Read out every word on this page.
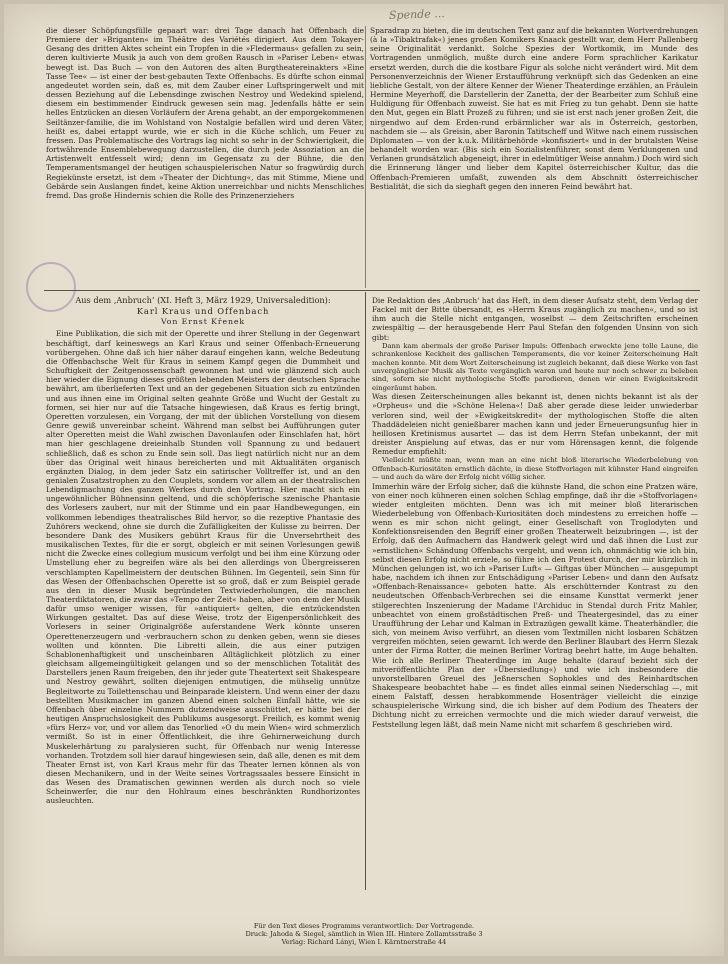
Spende ...

die dieser Schöpfungsfülle gepaart war: drei Tage danach hat Offenbach die Premiere der »Briganten« im Théâtre des Variétés dirigiert. Aus dem Tokayer-Gesang des dritten Aktes scheint ein Tropfen in die »Fledermaus« gefallen zu sein, deren kultivierte Musik ja auch von dem großen Rausch in »Pariser Leben« etwas bewegt ist. Das Buch — von den Autoren des alten Burgtheatereinakters »Eine Tasse Tee« — ist einer der best-gebauten Texte Offenbachs. Es dürfte schon einmal angedeutet worden sein, daß es, mit dem Zauber einer Luftspringerwelt und mit dessen Beziehung auf die Lebensdinge zwischen Nestroy und Wedekind spielend, diesem ein bestimmender Eindruck gewesen sein mag. Jedenfalls hätte er sein helles Entzücken an diesen Vorläufern der Arena gehabt, an der emporgekommenen Seiltänzer-familie, die im Wohlstand von Nostalgie befallen wird und deren Väter, heißt es, dabei ertappt wurde, wie er sich in die Küche schlich, um Feuer zu fressen. Das Problematische des Vortrags lag nicht so sehr in der Schwierigkeit, die fortwährende Ensemblebewegung darzustellen, die durch jede Assoziation an die Artistenwelt entfesselt wird; denn im Gegensatz zu der Bühne, die den Temperamentsmangel der heutigen schauspielerischen Natur so fragwürdig durch Regiekünste ersetzt, ist dem »Theater der Dichtung«, das mit Stimme, Miene und Gebärde sein Auslangen findet, keine Aktion unerreichbar und nichts Menschliches fremd. Das große Hindernis schien die Rolle des Prinzenerziehers

Sparadrap zu bieten, die im deutschen Text ganz auf die bekannten Wortverdrehungen (à la »Tibaktrafak«) jenes großen Komikers Knaack gestellt war, dem Herr Pallenberg seine Originalität verdankt. Solche Spezies der Wortkomik, im Munde des Vortragenden unmöglich, mußte durch eine andere Form sprachlicher Karikatur ersetzt werden, durch die die kostbare Figur als solche nicht verändert wird. Mit dem Personenverzeichnis der Wiener Erstaufführung verknüpft sich das Gedenken an eine liebliche Gestalt, von der ältere Kenner der Wiener Theaterdinge erzählen, an Fräulein Hermine Meyerhoff, die Darstellerin der Zanetta, der der Bearbeiter zum Schluß eine Huldigung für Offenbach zuweist. Sie hat es mit Frieg zu tun gehabt. Denn sie hatte den Mut, gegen ein Blatt Prozeß zu führen; und sie ist erst nach jener großen Zeit, die nirgendwo auf dem Erden-rund erbärmlicher war als in Österreich, gestorben, nachdem sie — als Greisin, aber Baronin Tatitscheff und Witwe nach einem russischen Diplomaten — von der k.u.k. Militärbehörde »konfisziert« und in der brutalsten Weise behandelt worden war. (Bis sich ein Sozialistenführer, sonst dem Verklungenen und Verlanen grundsätzlich abgeneigt, ihrer in edelmütiger Weise annahm.) Doch wird sich die Erinnerung länger und lieber dem Kapitel österreichischer Kultur, das die Offenbach-Premieren umfaßt, zuwenden als dem Abschnitt österreichischer Bestialität, die sich da sieghaft gegen den inneren Feind bewährt hat.

Aus dem ‚Anbruch‘ (XI. Heft 3, März 1929, Universaledition):
Karl Kraus und Offenbach
Von Ernst Křenek

Eine Publikation, die sich mit der Operette und ihrer Stellung in der Gegenwart beschäftigt, darf keineswegs an Karl Kraus und seiner Offenbach-Erneuerung vorübergehen. Ohne daß ich hier näher darauf eingehen kann, welche Bedeutung die Offenbachsche Welt für Kraus in seinem Kampf gegen die Dummheit und Schuftigkeit der Zeitgenossenschaft gewonnen hat und wie glänzend sich auch hier wieder die Eignung dieses größten lebenden Meisters der deutschen Sprache bewährt, am überlieferten Text und an der gegebenen Situation sich zu entzünden und aus ihnen eine im Original selten geahnte Größe und Wucht der Gestalt zu formen, sei hier nur auf die Tatsache hingewiesen, daß Kraus es fertig bringt, Operetten vorzulesen, ein Vorgang, der mit der üblichen Vorstellung von diesem Genre gewiß unvereinbar scheint. Während man selbst bei Aufführungen guter alter Operetten meist die Wahl zwischen Davonlaufen oder Einschlafen hat, hört man hier geschlagene dreieinhalb Stunden voll Spannung zu und bedauert schließlich, daß es schon zu Ende sein soll. Das liegt natürlich nicht nur an dem über das Original weit hinaus bereicherten und mit Aktualitäten organisch ergänzten Dialog, in dem jeder Satz ein satirischer Volltreffer ist, und an den genialen Zusatzstrophen zu den Couplets, sondern vor allem an der theatralischen Lebendigmachung des ganzen Werkes durch den Vortrag. Hier macht sich ein ungewöhnlicher Bühnensinn geltend, und die schöpferische szenische Phantasie des Vorlesers zaubert, nur mit der Stimme und ein paar Handbewegungen, ein vollkommen lebendiges theatralisches Bild hervor, so die rezeptive Phantasie des Zuhörers weckend, ohne sie durch die Zufälligkeiten der Kulisse zu beirren. Der besondere Dank des Musikers gebührt Kraus für die Unversehrtheit des musikalischen Textes, für die er sorgt, obgleich er mit seinen Vorlesungen gewiß nicht die Zwecke eines collegium musicum verfolgt und bei ihm eine Kürzung oder Umstellung eher zu begreifen wäre als bei den allerdings von Übergreisseren verschlampten Kapellmeistern der deutschen Bühnen. Im Gegenteil, sein Sinn für das Wesen der Offenbachschen Operette ist so groß, daß er zum Beispiel gerade aus den in dieser Musik begründeten Textwiederholungen, die manchen Theaterdiktatoren, die zwar das »Tempo der Zeit« haben, aber von dem der Musik dafür umso weniger wissen, für »antiquiert« gelten, die entzückendsten Wirkungen gestaltet. Das auf diese Weise, trotz der Eigenpersönlichkeit des Vorlesers in seiner Originalgröße auferstandene Werk könnte unseren Operettenerzeugern und -verbrauchern schon zu denken geben, wenn sie dieses wollten und könnten. Die Libretti allein, die aus einer putzigen Schablonenhaftigkeit und unscheinbaren Alltäglichkeit plötzlich zu einer gleichsam allgemeingültigkeit gelangen und so der menschlichen Totalität des Darstellers jenen Raum freigeben, den ihr jeder gute Theatertext seit Shakespeare und Nestroy gewährt, sollten diejenigen entmutigen, die mühselig unnütze Begleitworte zu Toilettenschau und Beinparade kleistern. Und wenn einer der dazu bestellten Musikmacher im ganzen Abend einen solchen Einfall hätte, wie sie Offenbach über einzelne Nummern dutzendweise ausschüttet, er hätte bei der heutigen Anspruchslosigkeit des Publikums ausgesorgt. Freilich, es kommt wenig »fürs Herz« vor, und vor allem das Tenorlied »O du mein Wien« wird schmerzlich vermißt. So ist in einer Öffentlichkeit, die ihre Gehirnerweichung durch Muskelerhärtung zu paralysieren sucht, für Offenbach nur wenig Interesse vorhanden. Trotzdem soll hier darauf hingewiesen sein, daß alle, denen es mit dem Theater Ernst ist, von Karl Kraus mehr für das Theater lernen können als von diesen Mechanikern, und in der Weite seines Vortragssaales bessere Einsicht in das Wesen des Dramatischen gewinnen werden als durch noch so viele Scheinwerfer, die nur den Hohlraum eines beschränkten Rundhorizontes ausleuchten.

Die Redaktion des ‚Anbruch‘ hat das Heft, in dem dieser Aufsatz steht, dem Verlag der Fackel mit der Bitte übersandt, es »Herrn Kraus zugänglich zu machen«, und so ist ihm auch die Stelle nicht entgangen, woselbst — dem Zeitschriften erscheinen zwiespältig — der herausgebende Herr Paul Stefan den folgenden Unsinn von sich gibt:

Dann kam abermals der große Pariser Impuls: Offenbach erweckte jene tolle Laune, die schrankenlose Keckheit des gallischen Temperaments, die vor keiner Zeiterscheinung Halt machen konnte. Mit dem Wort Zeiterscheinung ist zugleich bekannt, daß diese Werke von fast unvergänglicher Musik als Texte vergänglich waren und heute nur noch schwer zu beleben sind, sofern sie nicht mythologische Stoffe parodieren, denen wir einen Ewigkeitskredit eingeräumt haben.

Was diesen Zeiterscheinungen alles bekannt ist, denen nichts bekannt ist als der »Orpheus« und die »Schöne Helena«! Daß aber gerade diese leider unwiederbar verloren sind, weil der »Ewigkeitskredit« der mythologischen Stoffe die alten Thaddädeleien nicht genießbarer machen kann und jeder Erneuerungsunfug hier in heillosen Kretinismus ausartet — das ist dem Herrn Stefan unbekannt, der mit dreister Anspielung auf etwas, das er nur vom Hörensagen kennt, die folgende Remedur empfiehlt:

Vielleicht müßte man, wenn man an eine nicht bloß literarische Wiederbelebung von Offenbach-Kuriositäten ernstlich dächte, in diese Stoffvorlagen mit kühnster Hand eingreifen — und auch da wäre der Erfolg nicht völlig sicher.

Immerhin wäre der Erfolg sicher, daß die kühnste Hand, die schon eine Pratzen wäre, von einer noch kühneren einen solchen Schlag empfinge, daß ihr die »Stoffvorlagen« wieder entgleiten möchten. Denn was ich mit meiner bloß literarischen Wiederbelebung von Offenbach-Kuriositäten doch mindestens zu erreichen hoffe — wenn es mir schon nicht gelingt, einer Gesellschaft von Troglodyten und Konfektionsreisenden den Begriff einer großen Theaterwelt beizubringen —, ist der Erfolg, daß den Aufmachern das Handwerk gelegt wird und daß ihnen die Lust zur »ernstlichen« Schändung Offenbachs vergeht, und wenn ich, ohnmächtig wie ich bin, selbst diesen Erfolg nicht erziele, so führe ich den Protest durch, der mir kürzlich in München gelungen ist, wo ich »Pariser Luft« — Giftgas über München — ausgepumpt habe, nachdem ich ihnen zur Entschädigung »Pariser Leben« und dann den Aufsatz »Offenbach-Renaissance« geboten hatte. Als erschütternder Kontrast zu den neudeutschen Offenbach-Verbrechen sei die einsame Kunsttat vermerkt jener stilgerechten Inszenierung der Madame l'Archiduc in Stendal durch Fritz Mahler, unbeachtet von einem großstädtischen Preß- und Theatergesindel, das zu einer Uraufführung der Lehar und Kalman in Extrazügen gewallt käme. Theaterhändler, die sich, von meinem Aviso verführt, an diesen vom Textmillen nicht losbaren Schätzen vergreifen möchten, seien gewarnt. Ich werde den Berliner Blaubart des Herrn Slezak unter der Firma Rotter, die meinen Berliner Vortrag beehrt hatte, im Auge behalten. Wie ich alle Berliner Theaterdinge im Auge behalte (darauf bezieht sich der mitveröffentlichte Plan der »Übersiedlung«) und wie ich insbesondere die unvorstellbaren Greuel des Jeßnerschen Sophokles und des Reinhardtschen Shakespeare beobachtet habe — es findet alles einmal seinen Niederschlag —, mit einem Falstaff, dessen herabkommende Hosenträger vielleicht die einzige schauspielerische Wirkung sind, die ich bisher auf dem Podium des Theaters der Dichtung nicht zu erreichen vermochte und die mich wieder darauf verweist, die Feststellung legen läßt, daß mein Name nicht mit scharfem ß geschrieben wird.

Für den Text dieses Programms verantwortlich: Der Vortragende.
Druck: Jahoda & Siegel, sämtlich in Wien III. Hintere Zollamtsstraße 3
Verlag: Richard Lányi, Wien I. Kärntnerstraße 44
